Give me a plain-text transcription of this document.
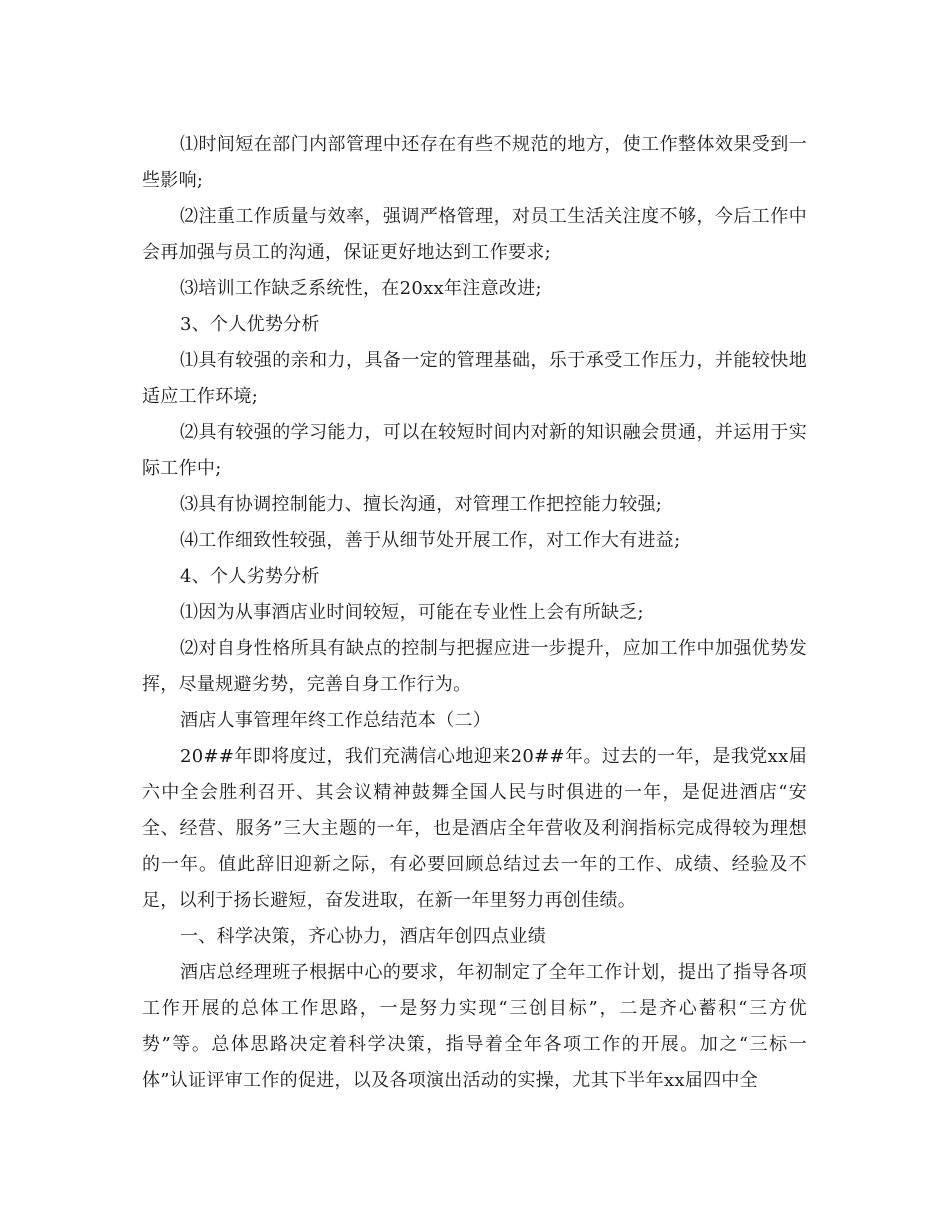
⑴时间短在部门内部管理中还存在有些不规范的地方，使工作整体效果受到一些影响;

⑵注重工作质量与效率，强调严格管理，对员工生活关注度不够，今后工作中会再加强与员工的沟通，保证更好地达到工作要求;

⑶培训工作缺乏系统性，在20xx年注意改进;

3、个人优势分析

⑴具有较强的亲和力，具备一定的管理基础，乐于承受工作压力，并能较快地适应工作环境;

⑵具有较强的学习能力，可以在较短时间内对新的知识融会贯通，并运用于实际工作中;

⑶具有协调控制能力、擅长沟通，对管理工作把控能力较强;

⑷工作细致性较强，善于从细节处开展工作，对工作大有进益;

4、个人劣势分析

⑴因为从事酒店业时间较短，可能在专业性上会有所缺乏;

⑵对自身性格所具有缺点的控制与把握应进一步提升，应加工作中加强优势发挥，尽量规避劣势，完善自身工作行为。

酒店人事管理年终工作总结范本（二）

20##年即将度过，我们充满信心地迎来20##年。过去的一年，是我党xx届六中全会胜利召开、其会议精神鼓舞全国人民与时俱进的一年，是促进酒店“安全、经营、服务”三大主题的一年，也是酒店全年营收及利润指标完成得较为理想的一年。值此辞旧迎新之际，有必要回顾总结过去一年的工作、成绩、经验及不足，以利于扬长避短，奋发进取，在新一年里努力再创佳绩。

一、科学决策，齐心协力，酒店年创四点业绩

酒店总经理班子根据中心的要求，年初制定了全年工作计划，提出了指导各项工作开展的总体工作思路，一是努力实现“三创目标”，二是齐心蓄积“三方优势”等。总体思路决定着科学决策，指导着全年各项工作的开展。加之“三标一体”认证评审工作的促进，以及各项演出活动的实操，尤其下半年xx届四中全
